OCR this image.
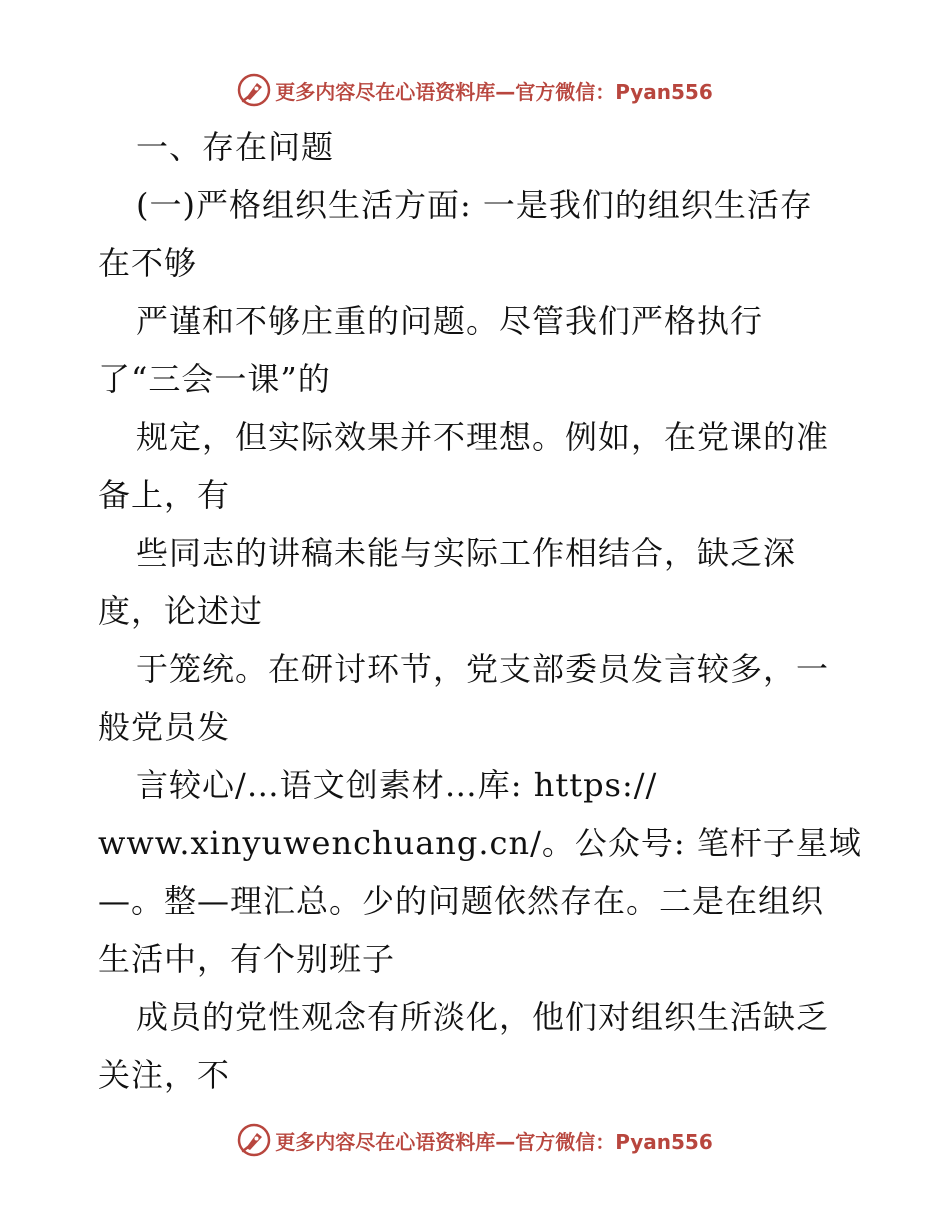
更多内容尽在心语资料库—官方微信：Pyan556
一、存在问题
(一)严格组织生活方面: 一是我们的组织生活存
在不够
严谨和不够庄重的问题。尽管我们严格执行
了“三会一课”的
规定，但实际效果并不理想。例如，在党课的准
备上，有
些同志的讲稿未能与实际工作相结合，缺乏深
度，论述过
于笼统。在研讨环节，党支部委员发言较多，一
般党员发
言较心/…语文创素材…库: https://
www.xinyuwenchuang.cn/。公众号: 笔杆子星域
—。整—理汇总。少的问题依然存在。二是在组织
生活中，有个别班子
成员的党性观念有所淡化，他们对组织生活缺乏
关注，不
更多内容尽在心语资料库—官方微信：Pyan556
